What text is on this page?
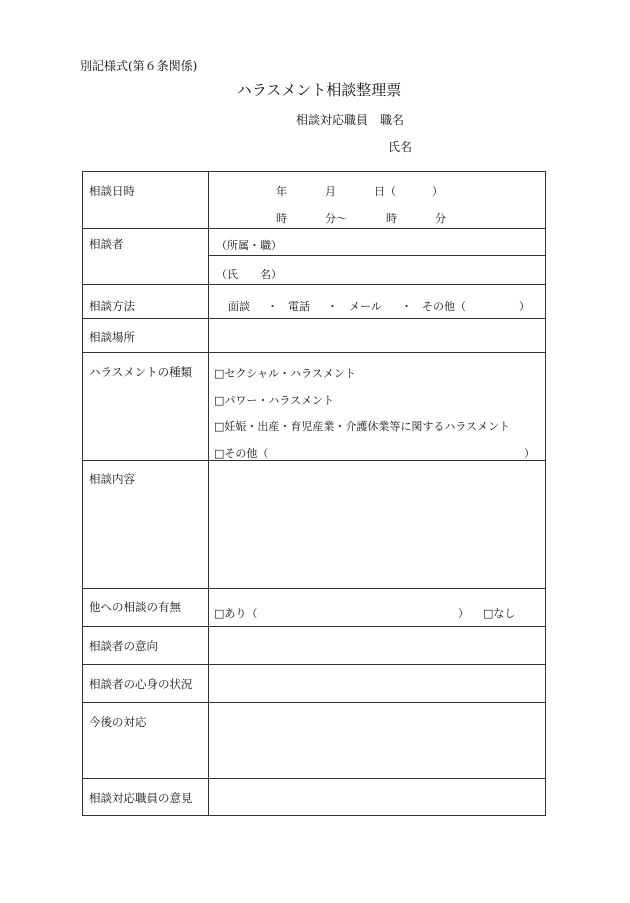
別記様式(第６条関係)
ハラスメント相談整理票
相談対応職員　職名
氏名
相談日時	年	月	日（	）
時	分〜	時	分
相談者	（所属・職）
（氏　　名）
相談方法	面談 ・ 電話 ・ メール ・ その他（	）
相談場所
ハラスメントの種類 □セクシャル・ハラスメント
□パワー・ハラスメント
□妊娠・出産・育児産業・介護休業等に関するハラスメント
□その他（	）
相談内容
他への相談の有無	□あり（	） □なし
相談者の意向
相談者の心身の状況
今後の対応
相談対応職員の意見
